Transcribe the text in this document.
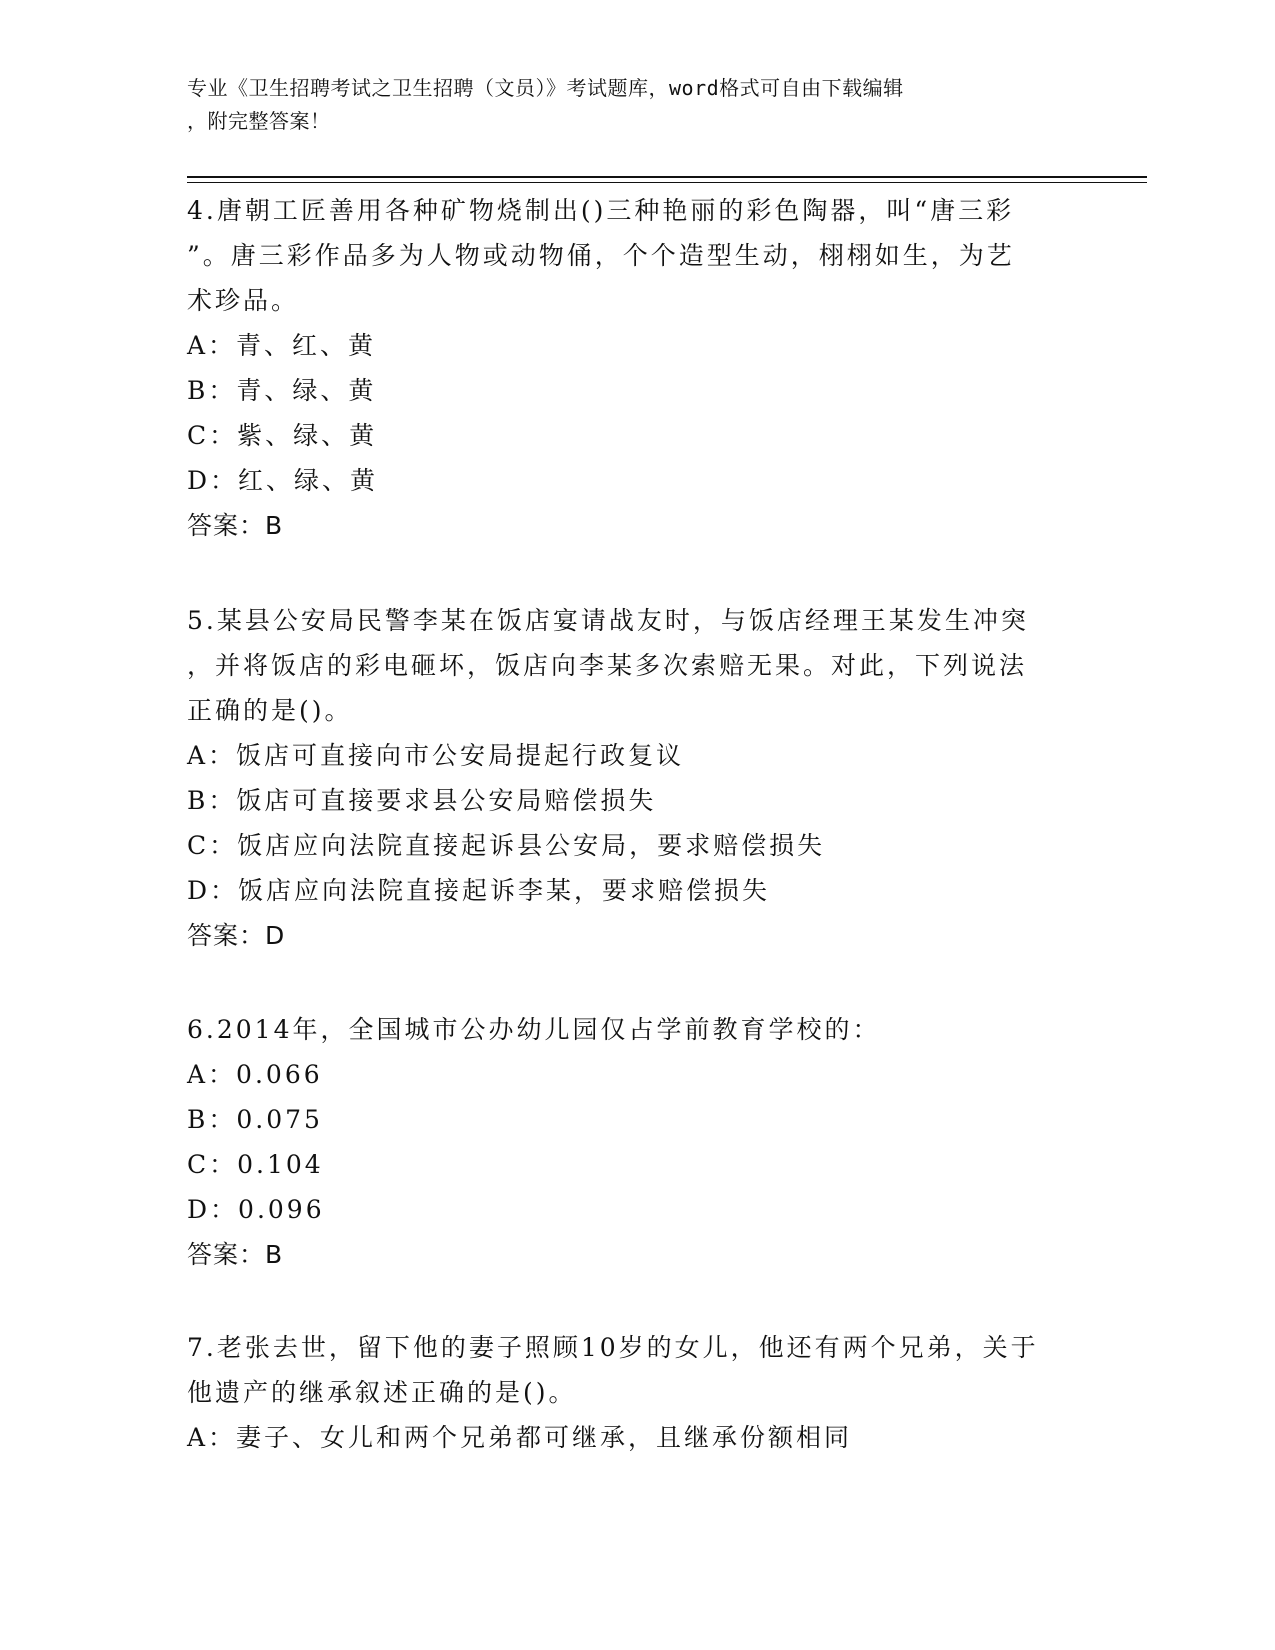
专业《卫生招聘考试之卫生招聘（文员）》考试题库，word格式可自由下载编辑
，附完整答案！

4.唐朝工匠善用各种矿物烧制出()三种艳丽的彩色陶器，叫“唐三彩

”。唐三彩作品多为人物或动物俑，个个造型生动，栩栩如生，为艺

术珍品。

A：青、红、黄

B：青、绿、黄

C：紫、绿、黄

D：红、绿、黄

答案：B

5.某县公安局民警李某在饭店宴请战友时，与饭店经理王某发生冲突

，并将饭店的彩电砸坏，饭店向李某多次索赔无果。对此，下列说法

正确的是()。

A：饭店可直接向市公安局提起行政复议

B：饭店可直接要求县公安局赔偿损失

C：饭店应向法院直接起诉县公安局，要求赔偿损失

D：饭店应向法院直接起诉李某，要求赔偿损失

答案：D

6.2014年，全国城市公办幼儿园仅占学前教育学校的：

A：0.066

B：0.075

C：0.104

D：0.096

答案：B

7.老张去世，留下他的妻子照顾10岁的女儿，他还有两个兄弟，关于

他遗产的继承叙述正确的是()。

A：妻子、女儿和两个兄弟都可继承，且继承份额相同
